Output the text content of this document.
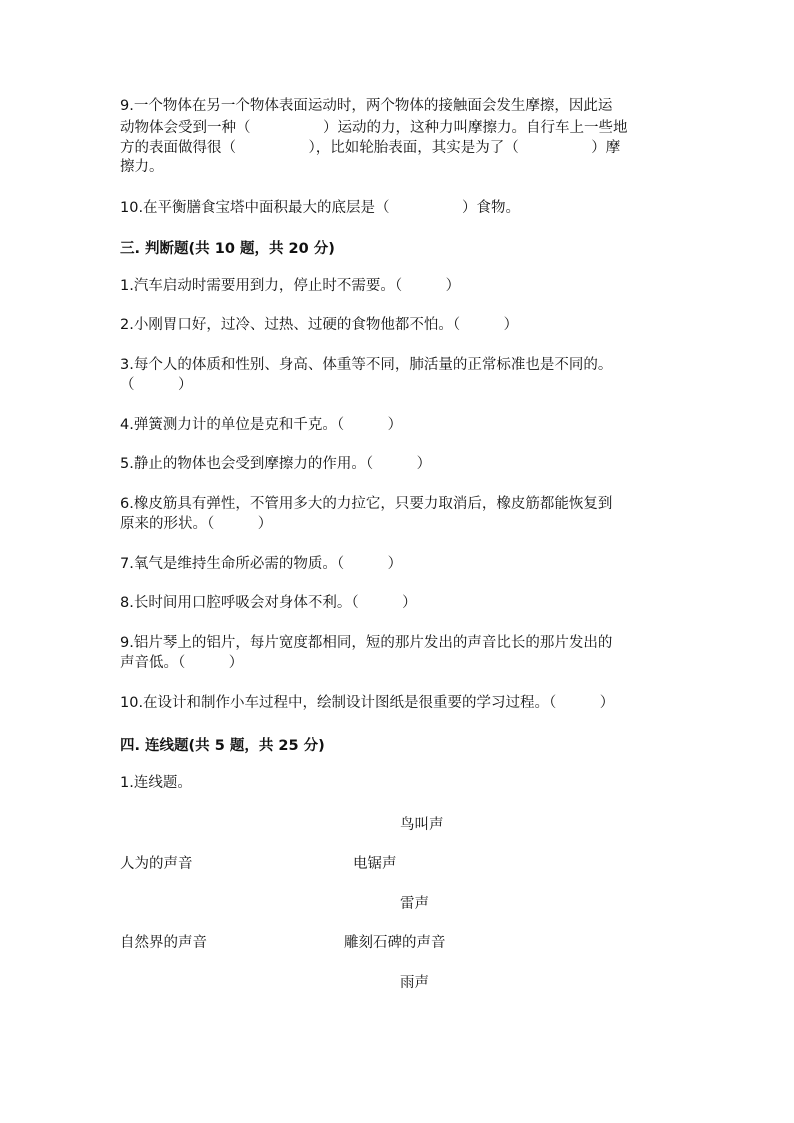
9.一个物体在另一个物体表面运动时，两个物体的接触面会发生摩擦，因此运
动物体会受到一种（　　　　　）运动的力，这种力叫摩擦力。自行车上一些地
方的表面做得很（　　　　　），比如轮胎表面，其实是为了（　　　　　）摩
擦力。
10.在平衡膳食宝塔中面积最大的底层是（　　　　　）食物。
三. 判断题(共 10 题，共 20 分)
1.汽车启动时需要用到力，停止时不需要。（　　　）
2.小刚胃口好，过冷、过热、过硬的食物他都不怕。（　　　）
3.每个人的体质和性别、身高、体重等不同，肺活量的正常标准也是不同的。
（　　　）
4.弹簧测力计的单位是克和千克。（　　　）
5.静止的物体也会受到摩擦力的作用。（　　　）
6.橡皮筋具有弹性，不管用多大的力拉它，只要力取消后，橡皮筋都能恢复到
原来的形状。（　　　）
7.氧气是维持生命所必需的物质。（　　　）
8.长时间用口腔呼吸会对身体不利。（　　　）
9.铝片琴上的铝片，每片宽度都相同，短的那片发出的声音比长的那片发出的
声音低。（　　　）
10.在设计和制作小车过程中，绘制设计图纸是很重要的学习过程。（　　　）
四. 连线题(共 5 题，共 25 分)
1.连线题。
鸟叫声
人为的声音	电锯声
雷声
自然界的声音	雕刻石碑的声音
雨声
